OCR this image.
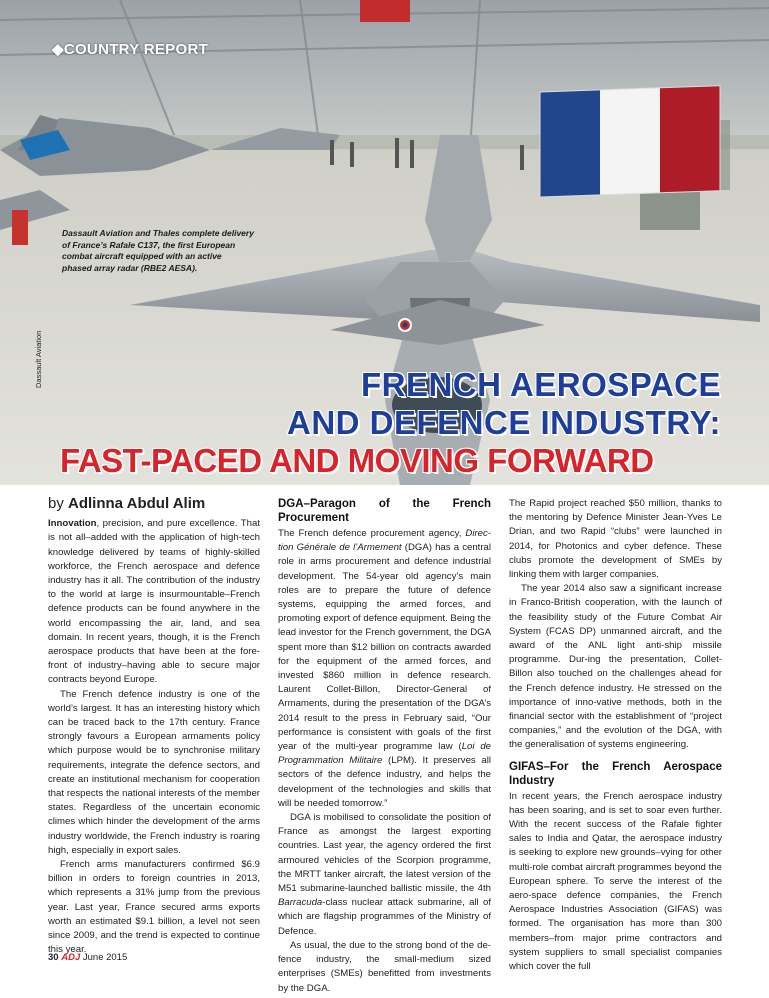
◆COUNTRY REPORT
Dassault Aviation and Thales complete delivery
of France’s Rafale C137, the first European
combat aircraft equipped with an active
phased array radar (RBE2 AESA).
Dassault Aviation	FRENCH AEROSPACE
AND DEFENCE INDUSTRY:
FAST-PACED AND MOVING FORWARD
by Adlinna Abdul Alim

Innovation, precision, and pure excellence. That is not all–added with the application of high-tech knowledge delivered by teams of highly-skilled workforce, the French aerospace and defence industry has it all. The contribution of the industry to the world at large is insurmountable–French defence products can be found anywhere in the world encompassing the air, land, and sea domain. In recent years, though, it is the French aerospace products that have been at the fore-front of industry–having able to secure major contracts beyond Europe.

The French defence industry is one of the world’s largest. It has an interesting history which can be traced back to the 17th century. France strongly favours a European armaments policy which purpose would be to synchronise military requirements, integrate the defence sectors, and create an institutional mechanism for cooperation that respects the national interests of the member states. Regardless of the uncertain economic climes which hinder the development of the arms industry worldwide, the French industry is roaring high, especially in export sales.

French arms manufacturers confirmed $6.9 billion in orders to foreign countries in 2013, which represents a 31% jump from the previous year. Last year, France secured arms exports worth an estimated $9.1 billion, a level not seen since 2009, and the trend is expected to continue this year.

DGA–Paragon of the French Procurement

The French defence procurement agency, Direc-tion Générale de l’Armement (DGA) has a central role in arms procurement and defence industrial development. The 54-year old agency’s main roles are to prepare the future of defence systems, equipping the armed forces, and promoting export of defence equipment. Being the lead investor for the French government, the DGA spent more than $12 billion on contracts awarded for the equipment of the armed forces, and invested $860 million in defence research. Laurent Collet-Billon, Director-General of Armaments, during the presentation of the DGA’s 2014 result to the press in February said, “Our performance is consistent with goals of the first year of the multi-year programme law (Loi de Programmation Militaire (LPM). It preserves all sectors of the defence industry, and helps the development of the technologies and skills that will be needed tomorrow.”

DGA is mobilised to consolidate the position of France as amongst the largest exporting countries. Last year, the agency ordered the first armoured vehicles of the Scorpion programme, the MRTT tanker aircraft, the latest version of the M51 submarine-launched ballistic missile, the 4th Barracuda-class nuclear attack submarine, all of which are flagship programmes of the Ministry of Defence.

As usual, the due to the strong bond of the de-fence industry, the small-medium sized enterprises (SMEs) benefitted from investments by the DGA.

The Rapid project reached $50 million, thanks to the mentoring by Defence Minister Jean-Yves Le Drian, and two Rapid “clubs” were launched in 2014, for Photonics and cyber defence. These clubs promote the development of SMEs by linking them with larger companies.

The year 2014 also saw a significant increase in Franco-British cooperation, with the launch of the feasibility study of the Future Combat Air System (FCAS DP) unmanned aircraft, and the award of the ANL light anti-ship missile programme. Dur-ing the presentation, Collet-Billon also touched on the challenges ahead for the French defence industry. He stressed on the importance of inno-vative methods, both in the financial sector with the establishment of “project companies,” and the evolution of the DGA, with the generalisation of systems engineering.

GIFAS–For the French Aerospace Industry

In recent years, the French aerospace industry has been soaring, and is set to soar even further. With the recent success of the Rafale fighter sales to India and Qatar, the aerospace industry is seeking to explore new grounds–vying for other multi-role combat aircraft programmes beyond the European sphere. To serve the interest of the aero-space defence companies, the French Aerospace Industries Association (GIFAS) was formed. The organisation has more than 300 members–from major prime contractors and system suppliers to small specialist companies which cover the full

30 ADJ June 2015
